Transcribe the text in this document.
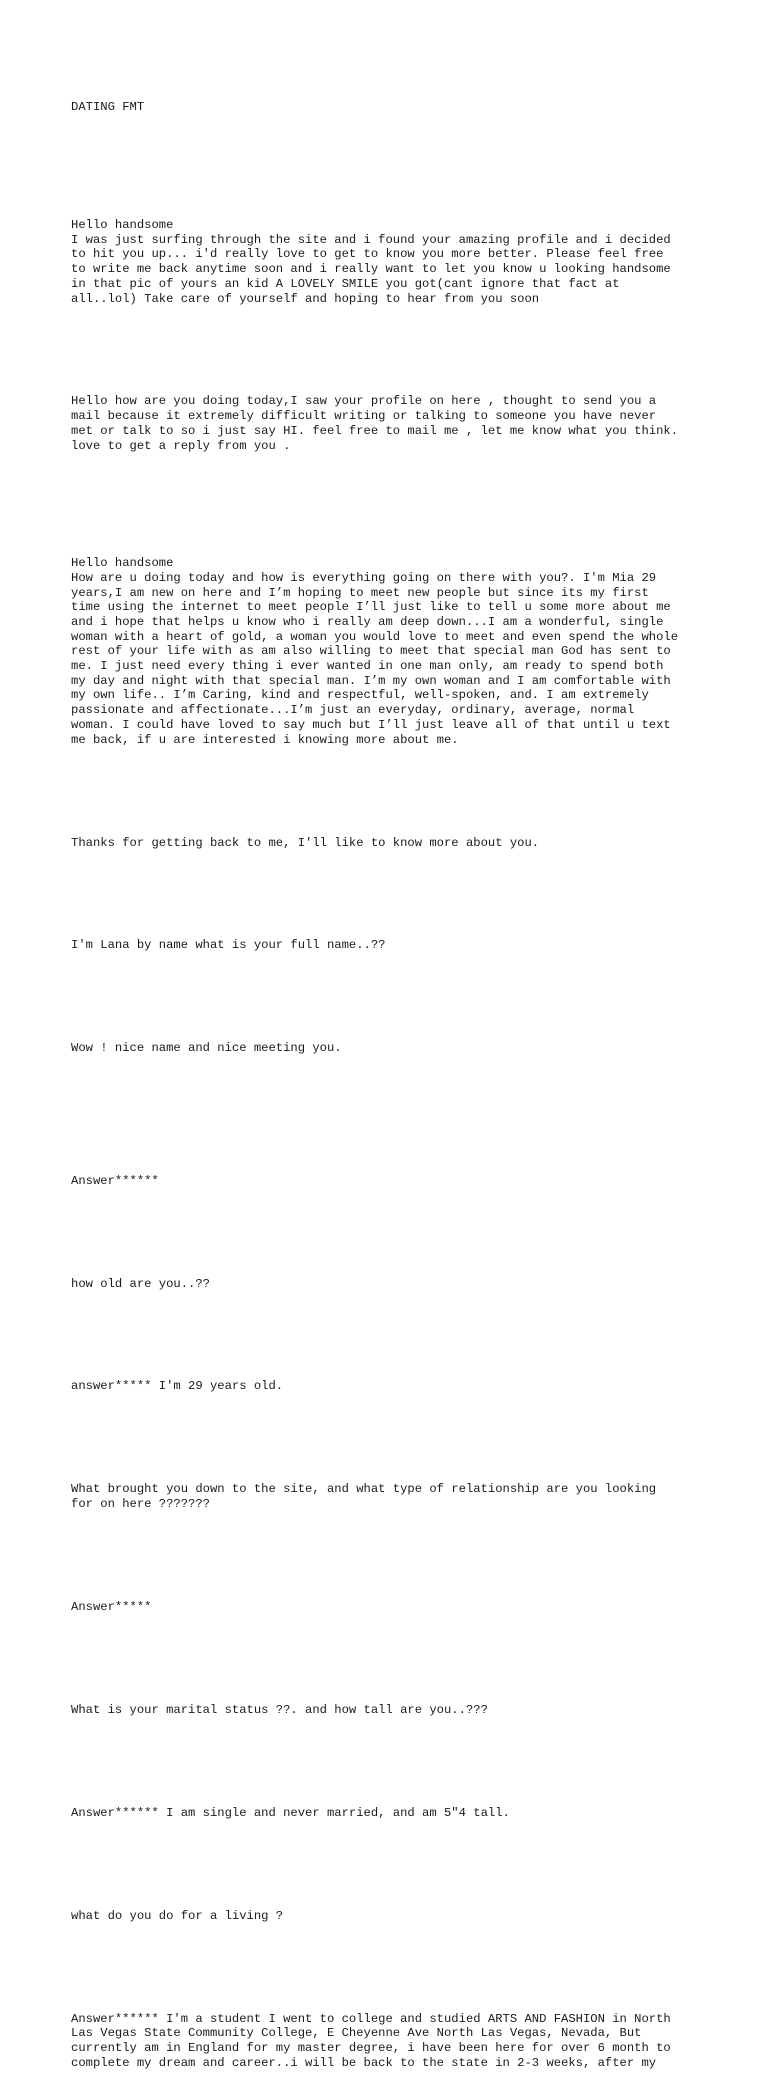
DATING FMT

Hello handsome
I was just surfing through the site and i found your amazing profile and i decided
to hit you up... i'd really love to get to know you more better. Please feel free
to write me back anytime soon and i really want to let you know u looking handsome
in that pic of yours an kid A LOVELY SMILE you got(cant ignore that fact at
all..lol) Take care of yourself and hoping to hear from you soon

Hello how are you doing today,I saw your profile on here , thought to send you a
mail because it extremely difficult writing or talking to someone you have never
met or talk to so i just say HI. feel free to mail me , let me know what you think.
love to get a reply from you .

Hello handsome
How are u doing today and how is everything going on there with you?. I'm Mia 29
years,I am new on here and I’m hoping to meet new people but since its my first
time using the internet to meet people I’ll just like to tell u some more about me
and i hope that helps u know who i really am deep down...I am a wonderful, single
woman with a heart of gold, a woman you would love to meet and even spend the whole
rest of your life with as am also willing to meet that special man God has sent to
me. I just need every thing i ever wanted in one man only, am ready to spend both
my day and night with that special man. I’m my own woman and I am comfortable with
my own life.. I’m Caring, kind and respectful, well-spoken, and. I am extremely
passionate and affectionate...I’m just an everyday, ordinary, average, normal
woman. I could have loved to say much but I’ll just leave all of that until u text
me back, if u are interested i knowing more about me.

Thanks for getting back to me, I'll like to know more about you.

I'm Lana by name what is your full name..??

Wow ! nice name and nice meeting you.

Answer******

how old are you..??

answer***** I'm 29 years old.

What brought you down to the site, and what type of relationship are you looking
for on here ???????

Answer*****

What is your marital status ??. and how tall are you..???

Answer****** I am single and never married, and am 5"4 tall.

what do you do for a living ?

Answer****** I'm a student I went to college and studied ARTS AND FASHION in North
Las Vegas State Community College, E Cheyenne Ave North Las Vegas, Nevada, But
currently am in England for my master degree, i have been here for over 6 month to
complete my dream and career..i will be back to the state in 2-3 weeks, after my
